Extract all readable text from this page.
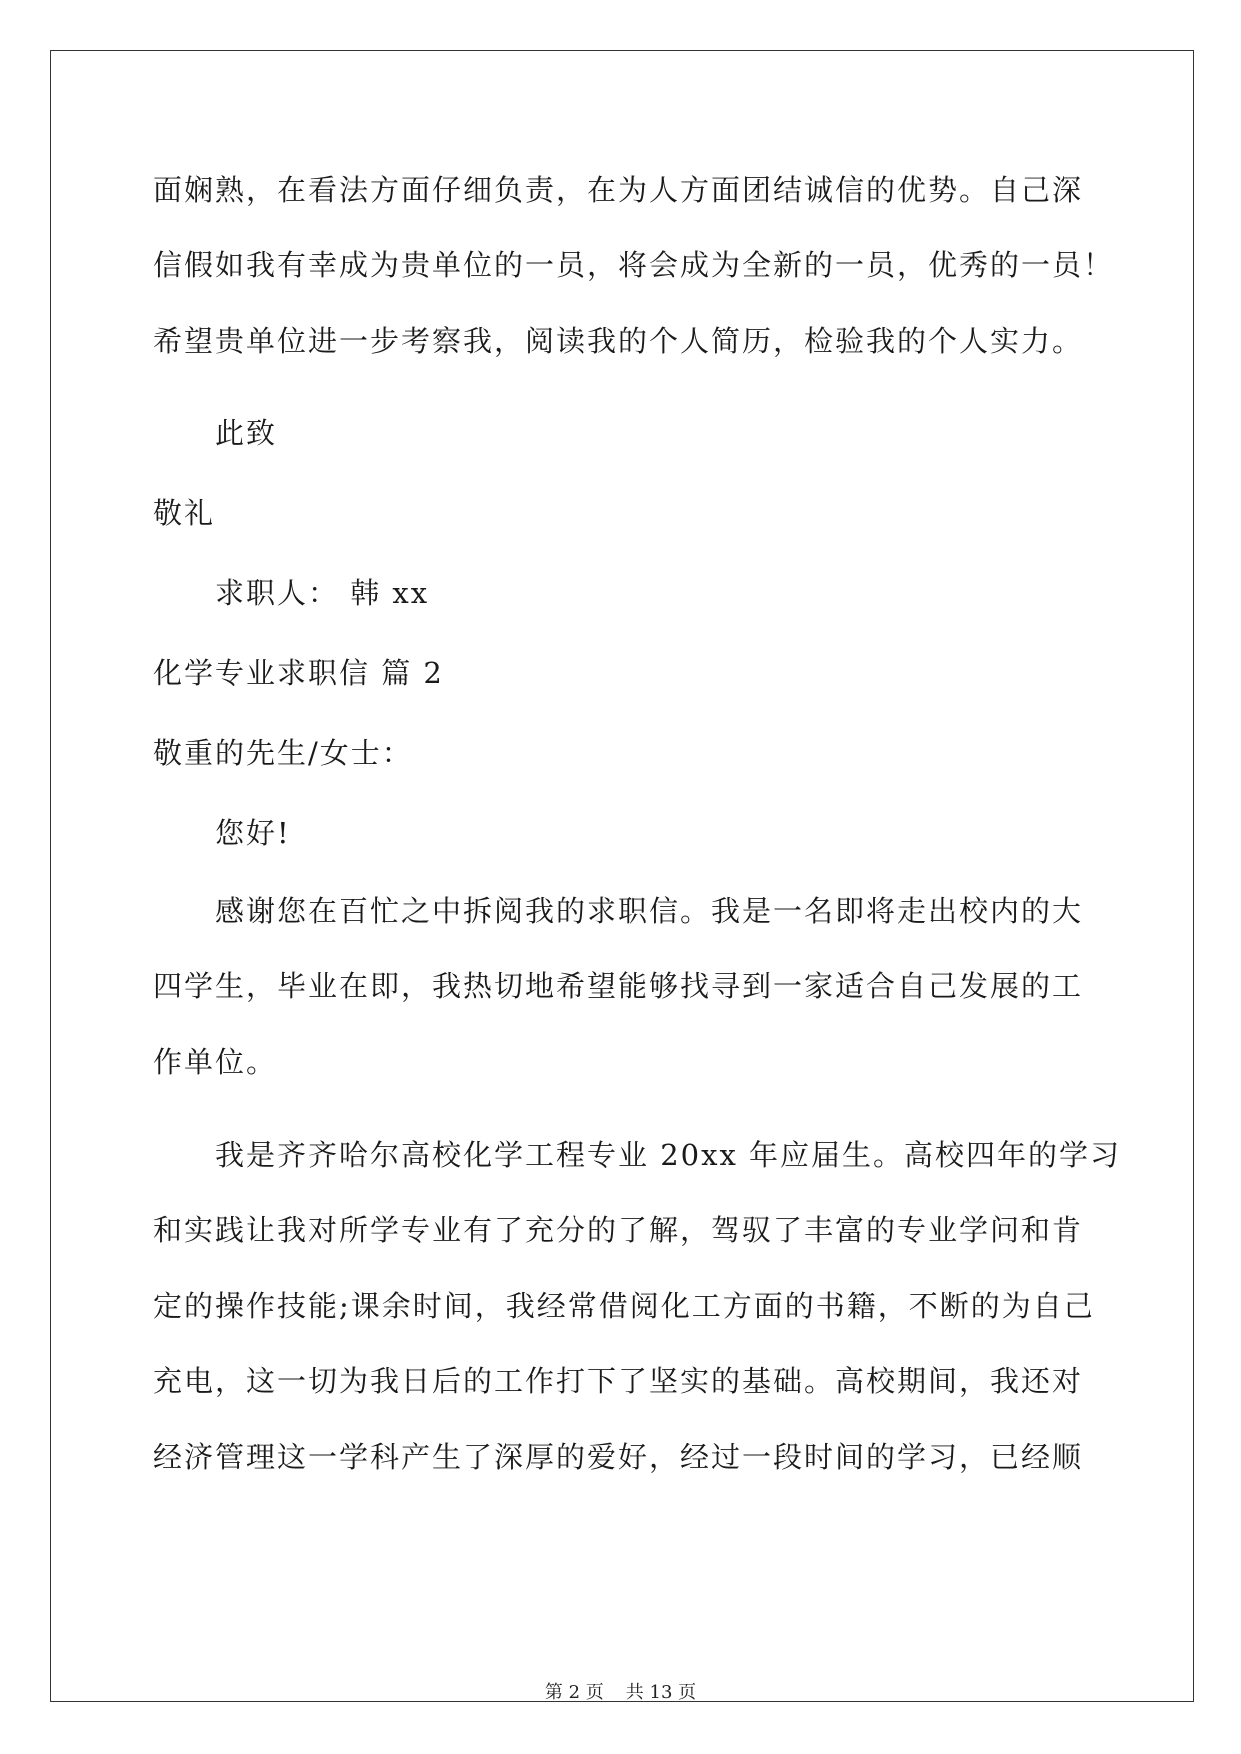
面娴熟，在看法方面仔细负责，在为人方面团结诚信的优势。自己深
信假如我有幸成为贵单位的一员，将会成为全新的一员，优秀的一员！
希望贵单位进一步考察我，阅读我的个人简历，检验我的个人实力。
此致
敬礼
求职人： 韩 xx
化学专业求职信 篇 2
敬重的先生/女士：
您好!
感谢您在百忙之中拆阅我的求职信。我是一名即将走出校内的大
四学生，毕业在即，我热切地希望能够找寻到一家适合自己发展的工
作单位。
我是齐齐哈尔高校化学工程专业 20xx 年应届生。高校四年的学习
和实践让我对所学专业有了充分的了解，驾驭了丰富的专业学问和肯
定的操作技能;课余时间，我经常借阅化工方面的书籍，不断的为自己
充电，这一切为我日后的工作打下了坚实的基础。高校期间，我还对
经济管理这一学科产生了深厚的爱好，经过一段时间的学习，已经顺
第 2 页 共 13 页
